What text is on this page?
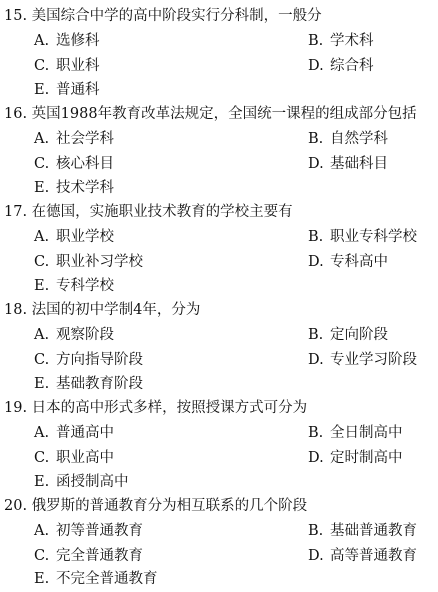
15. 美国综合中学的高中阶段实行分科制，一般分
A. 选修科	B. 学术科
C. 职业科	D. 综合科
E. 普通科
16. 英国1988年教育改革法规定，全国统一课程的组成部分包括
A. 社会学科	B. 自然学科
C. 核心科目	D. 基础科目
E. 技术学科
17. 在德国，实施职业技术教育的学校主要有
A. 职业学校	B. 职业专科学校
C. 职业补习学校	D. 专科高中
E. 专科学校
18. 法国的初中学制4年，分为
A. 观察阶段	B. 定向阶段
C. 方向指导阶段	D. 专业学习阶段
E. 基础教育阶段
19. 日本的高中形式多样，按照授课方式可分为
A. 普通高中	B. 全日制高中
C. 职业高中	D. 定时制高中
E. 函授制高中
20. 俄罗斯的普通教育分为相互联系的几个阶段
A. 初等普通教育	B. 基础普通教育
C. 完全普通教育	D. 高等普通教育
E. 不完全普通教育
